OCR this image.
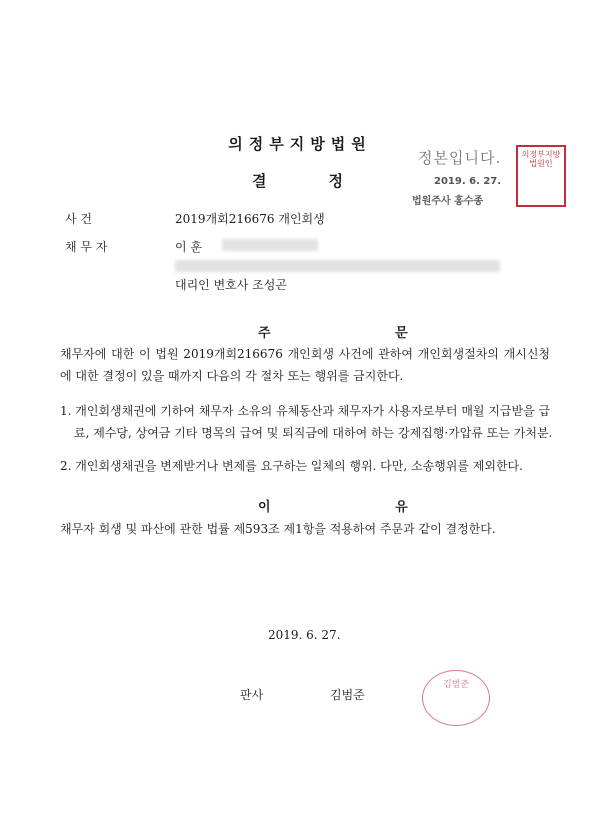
의정부지방법원
결정
정본입니다.
2019. 6. 27.
법원주사 홍수종
의정부지방법원인
사 건	2019개회216676 개인회생
채 무 자	이 훈
대리인 변호사 조성곤
주 문
채무자에 대한 이 법원 2019개회216676 개인회생 사건에 관하여 개인회생절차의 개시신청에 대한 결정이 있을 때까지 다음의 각 절차 또는 행위를 금지한다.
1. 개인회생채권에 기하여 채무자 소유의 유체동산과 채무자가 사용자로부터 매월 지급받을 급료, 제수당, 상여금 기타 명목의 급여 및 퇴직금에 대하여 하는 강제집행·가압류 또는 가처분.
2. 개인회생채권을 변제받거나 변제를 요구하는 일체의 행위. 다만, 소송행위를 제외한다.
이 유
채무자 회생 및 파산에 관한 법률 제593조 제1항을 적용하여 주문과 같이 결정한다.
2019. 6. 27.
판사	김범준
김범준
